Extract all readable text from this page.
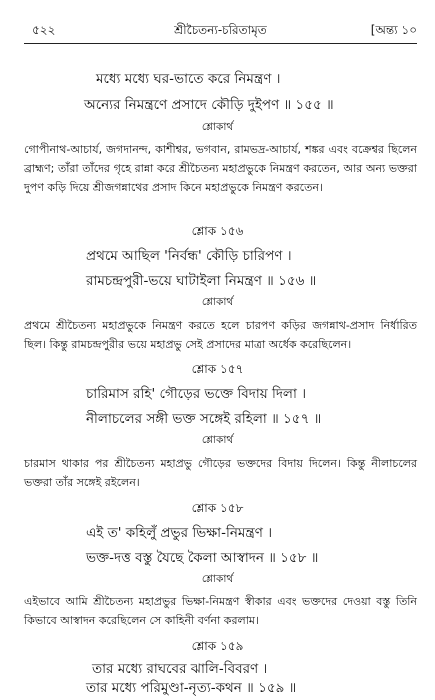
৫২২	শ্রীচৈতন্য-চরিতামৃত	[অন্ত্য ১০
মধ্যে মধ্যে ঘর-ভাতে করে নিমন্ত্রণ ।
অন্যের নিমন্ত্রণে প্রসাদে কৌড়ি দুইপণ ॥ ১৫৫ ॥
শ্লোকার্থ
গোপীনাথ-আচার্য, জগদানন্দ, কাশীশ্বর, ভগবান, রামভদ্র-আচার্য, শঙ্কর এবং বক্রেশ্বর ছিলেন ব্রাহ্মণ; তাঁরা তাঁদের গৃহে রান্না করে শ্রীচৈতন্য মহাপ্রভুকে নিমন্ত্রণ করতেন, আর অন্য ভক্তরা দুপণ কড়ি দিয়ে শ্রীজগন্নাথের প্রসাদ কিনে মহাপ্রভুকে নিমন্ত্রণ করতেন।
শ্লোক ১৫৬
প্রথমে আছিল 'নির্বন্ধ' কৌড়ি চারিপণ ।
রামচন্দ্রপুরী-ভয়ে ঘাটাইলা নিমন্ত্রণ ॥ ১৫৬ ॥
শ্লোকার্থ
প্রথমে শ্রীচৈতন্য মহাপ্রভুকে নিমন্ত্রণ করতে হলে চারপণ কড়ির জগন্নাথ-প্রসাদ নির্ধারিত ছিল। কিন্তু রামচন্দ্রপুরীর ভয়ে মহাপ্রভু সেই প্রসাদের মাত্রা অর্ধেক করেছিলেন।
শ্লোক ১৫৭
চারিমাস রহি' গৌড়ের ভক্তে বিদায় দিলা ।
নীলাচলের সঙ্গী ভক্ত সঙ্গেই রহিলা ॥ ১৫৭ ॥
শ্লোকার্থ
চারমাস থাকার পর শ্রীচৈতন্য মহাপ্রভু গৌড়ের ভক্তদের বিদায় দিলেন। কিন্তু নীলাচলের ভক্তরা তাঁর সঙ্গেই রইলেন।
শ্লোক ১৫৮
এই ত' কহিলুঁ প্রভুর ভিক্ষা-নিমন্ত্রণ ।
ভক্ত-দত্ত বস্তু যৈছে কৈলা আস্বাদন ॥ ১৫৮ ॥
শ্লোকার্থ
এইভাবে আমি শ্রীচৈতন্য মহাপ্রভুর ভিক্ষা-নিমন্ত্রণ স্বীকার এবং ভক্তদের দেওয়া বস্তু তিনি কিভাবে আস্বাদন করেছিলেন সে কাহিনী বর্ণনা করলাম।
শ্লোক ১৫৯
তার মধ্যে রাঘবের ঝালি-বিবরণ ।
তার মধ্যে পরিমুণ্ডা-নৃত্য-কথন ॥ ১৫৯ ॥
